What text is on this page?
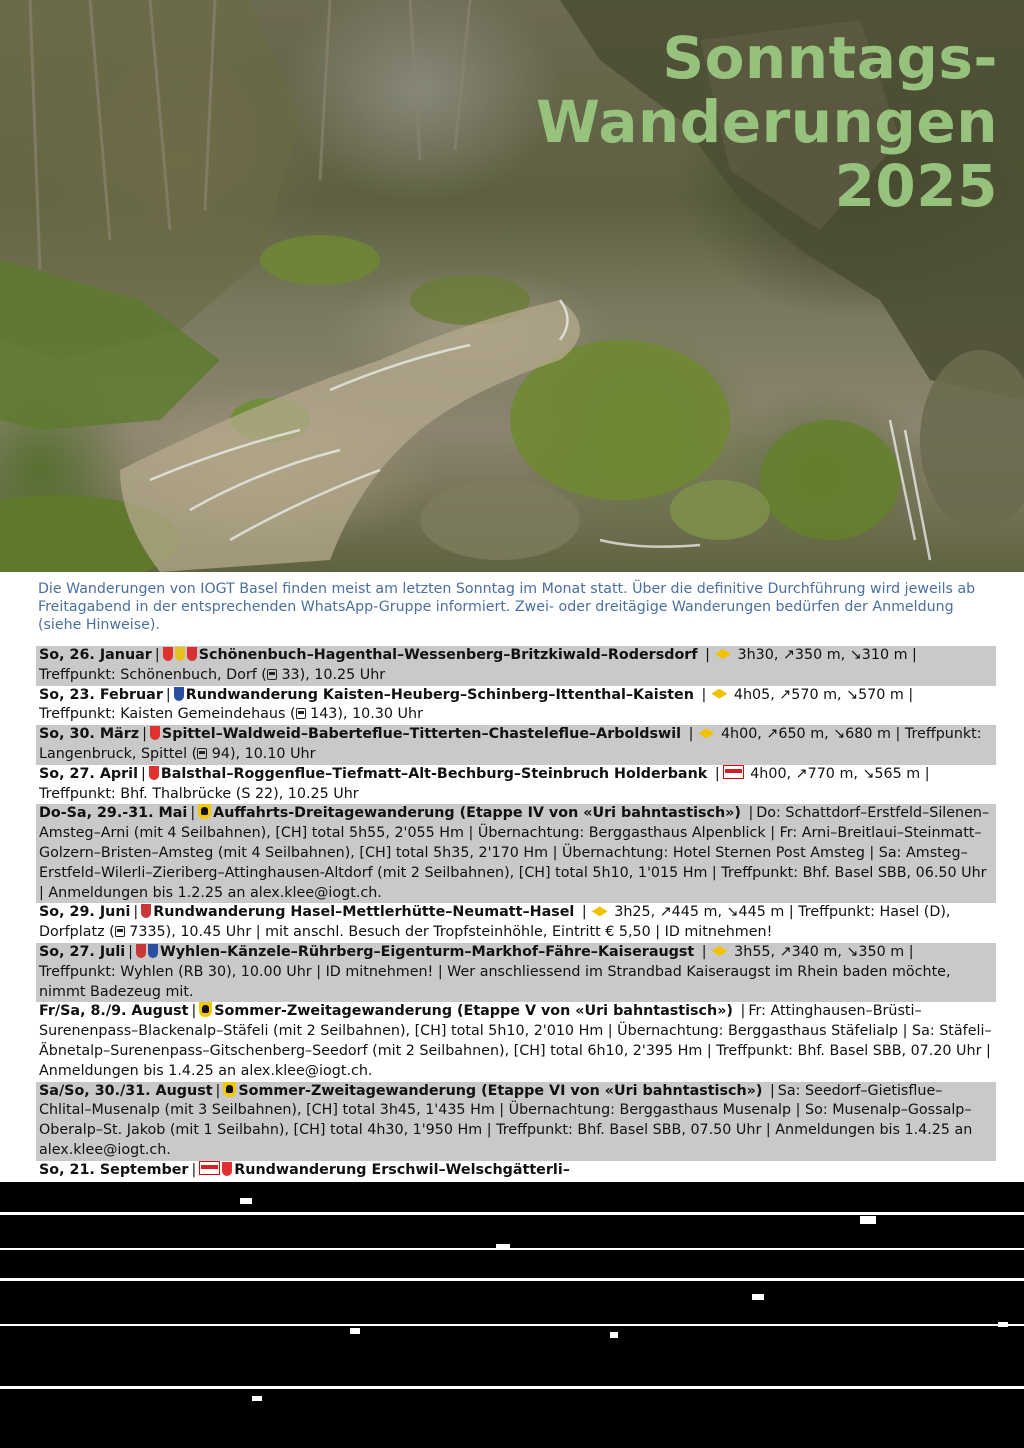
Sonntags-
Wanderungen
2025
Die Wanderungen von IOGT Basel finden meist am letzten Sonntag im Monat statt. Über die definitive Durchführung wird jeweils ab Freitagabend in der entsprechenden WhatsApp-Gruppe informiert. Zwei- oder dreitägige Wanderungen bedürfen der Anmeldung (siehe Hinweise).
So, 26. Januar |	Schönenbuch–Hagenthal–Wessenberg–Britzkiwald–Rodersdorf | 3h30, ↗350 m, ↘310 m | Treffpunkt: Schönenbuch, Dorf ( 33), 10.25 Uhr
So, 23. Februar | Rundwanderung Kaisten–Heuberg–Schinberg–Ittenthal–Kaisten | 4h05, ↗570 m, ↘570 m | Treffpunkt: Kaisten Gemeindehaus ( 143), 10.30 Uhr
So, 30. März | Spittel–Waldweid–Baberteflue–Titterten–Chasteleflue–Arboldswil | 4h00, ↗650 m, ↘680 m | Treffpunkt: Langenbruck, Spittel ( 94), 10.10 Uhr
So, 27. April | Balsthal–Roggenflue–Tiefmatt–Alt-Bechburg–Steinbruch Holderbank | 4h00, ↗770 m, ↘565 m | Treffpunkt: Bhf. Thalbrücke (S 22), 10.25 Uhr
Do-Sa, 29.-31. Mai | Auffahrts-Dreitagewanderung (Etappe IV von «Uri bahntastisch») | Do: Schattdorf–Erstfeld–Silenen–Amsteg–Arni (mit 4 Seilbahnen), [CH] total 5h55, 2'055 Hm | Übernachtung: Berggasthaus Alpenblick | Fr: Arni–Breitlaui–Steinmatt–Golzern–Bristen–Amsteg (mit 4 Seilbahnen), [CH] total 5h35, 2'170 Hm | Übernachtung: Hotel Sternen Post Amsteg | Sa: Amsteg–Erstfeld–Wilerli–Zieriberg–Attinghausen-Altdorf (mit 2 Seilbahnen), [CH] total 5h10, 1'015 Hm | Treffpunkt: Bhf. Basel SBB, 06.50 Uhr | Anmeldungen bis 1.2.25 an alex.klee@iogt.ch.
So, 29. Juni | Rundwanderung Hasel–Mettlerhütte–Neumatt–Hasel | 3h25, ↗445 m, ↘445 m | Treffpunkt: Hasel (D), Dorfplatz ( 7335), 10.45 Uhr | mit anschl. Besuch der Tropfsteinhöhle, Eintritt € 5,50 | ID mitnehmen!
So, 27. Juli | Wyhlen–Känzele–Rührberg–Eigenturm–Markhof–Fähre–Kaiseraugst | 3h55, ↗340 m, ↘350 m | Treffpunkt: Wyhlen (RB 30), 10.00 Uhr | ID mitnehmen! | Wer anschliessend im Strandbad Kaiseraugst im Rhein baden möchte, nimmt Badezeug mit.
Fr/Sa, 8./9. August | Sommer-Zweitagewanderung (Etappe V von «Uri bahntastisch») | Fr: Attinghausen–Brüsti–Surenenpass–Blackenalp–Stäfeli (mit 2 Seilbahnen), [CH] total 5h10, 2'010 Hm | Übernachtung: Berggasthaus Stäfelialp | Sa: Stäfeli–Äbnetalp–Surenenpass–Gitschenberg–Seedorf (mit 2 Seilbahnen), [CH] total 6h10, 2'395 Hm | Treffpunkt: Bhf. Basel SBB, 07.20 Uhr | Anmeldungen bis 1.4.25 an alex.klee@iogt.ch.
Sa/So, 30./31. August | Sommer-Zweitagewanderung (Etappe VI von «Uri bahntastisch») | Sa: Seedorf–Gietisflue–Chlital–Musenalp (mit 3 Seilbahnen), [CH] total 3h45, 1'435 Hm | Übernachtung: Berggasthaus Musenalp | So: Musenalp–Gossalp–Oberalp–St. Jakob (mit 1 Seilbahn), [CH] total 4h30, 1'950 Hm | Treffpunkt: Bhf. Basel SBB, 07.50 Uhr | Anmeldungen bis 1.4.25 an alex.klee@iogt.ch.
So, 21. September |	Rundwanderung Erschwil–Welschgätterli–
